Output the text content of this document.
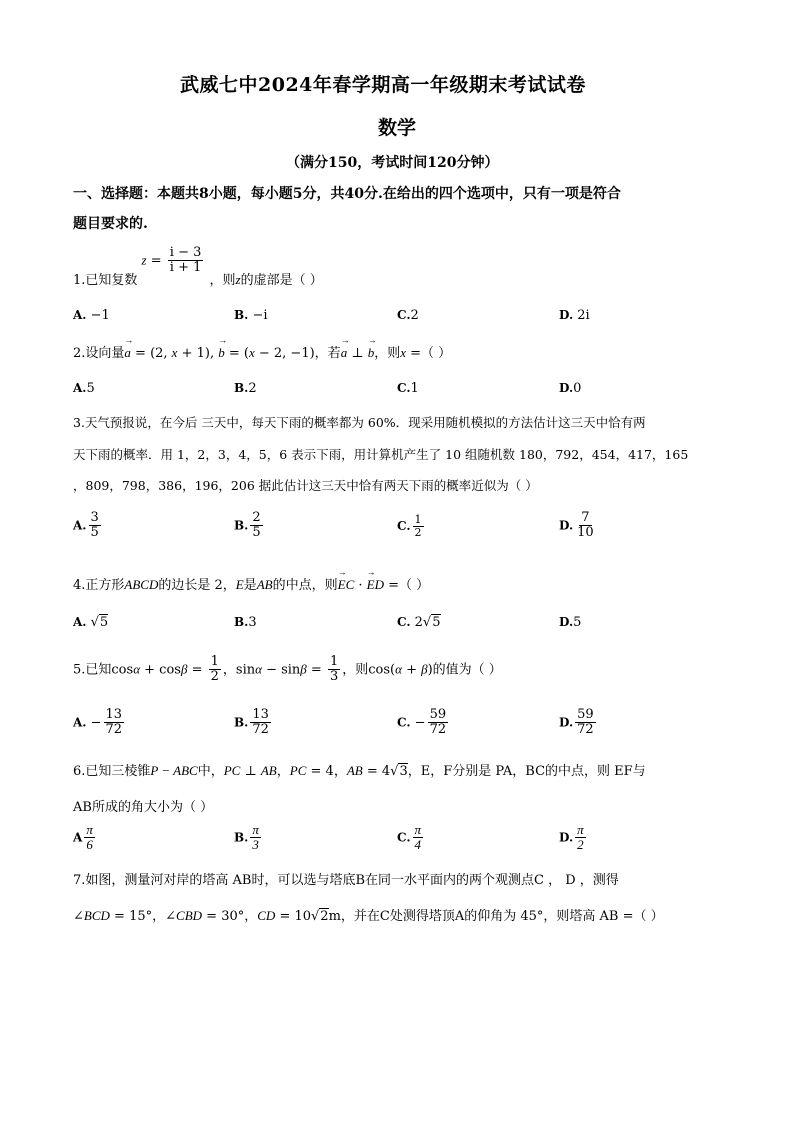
武威七中2024年春学期高一年级期末考试试卷
数学
（满分150，考试时间120分钟）
一、选择题：本题共8小题，每小题5分，共40分.在给出的四个选项中，只有一项是符合
题目要求的.
1.已知复数 $z = \frac{i - 3}{i + 1}$
，则z的虚部是（ ）
A. −1	B. −i	C.2	D. 2i
2.设向量→ a = (2, x + 1), → b = (x − 2, −1)，若→ a ⊥ → b，则x =（ ）
A.5	B.2	C.1	D.0
3.天气预报说，在今后 三天中，每天下雨的概率都为 60%．现采用随机模拟的方法估计这三天中恰有两
天下雨的概率．用 1，2，3，4，5，6 表示下雨，用计算机产生了 10 组随机数 180，792，454，417，165
，809，798，386，196，206 据此估计这三天中恰有两天下雨的概率近似为（ ）
A. $\frac{3}{5}$	B. $\frac{2}{5}$	C. $\frac{1}{2}$	D. $\frac{7}{10}$
4.正方形ABCD的边长是 2，E是AB的中点，则→ EC · → ED =（ ）
A. √5	B.3	C. 2√5	D.5
5.已知$\cos\alpha + \cos\beta = \frac{1}{2}$ ，$\sin\alpha - \sin\beta = \frac{1}{3}$ ，则cos(α + β)的值为（ ）
A. − $\frac{13}{72}$	B. $\frac{13}{72}$	C. − $\frac{59}{72}$	D. $\frac{59}{72}$
6.已知三棱锥P − ABC中，PC ⊥ AB，PC = 4，AB = 4√3，E，F分别是 PA，BC的中点，则 EF与
AB所成的角大小为（ ）
A $\frac{\pi}{6}$	B. $\frac{\pi}{3}$	C. $\frac{\pi}{4}$	D. $\frac{\pi}{2}$
7.如图，测量河对岸的塔高 AB时，可以选与塔底B在同一水平面内的两个观测点C ， D ，测得
∠BCD = 15°，∠CBD = 30°，CD = 10√2m，并在C处测得塔顶A的仰角为 45°，则塔高 AB =（ ）
